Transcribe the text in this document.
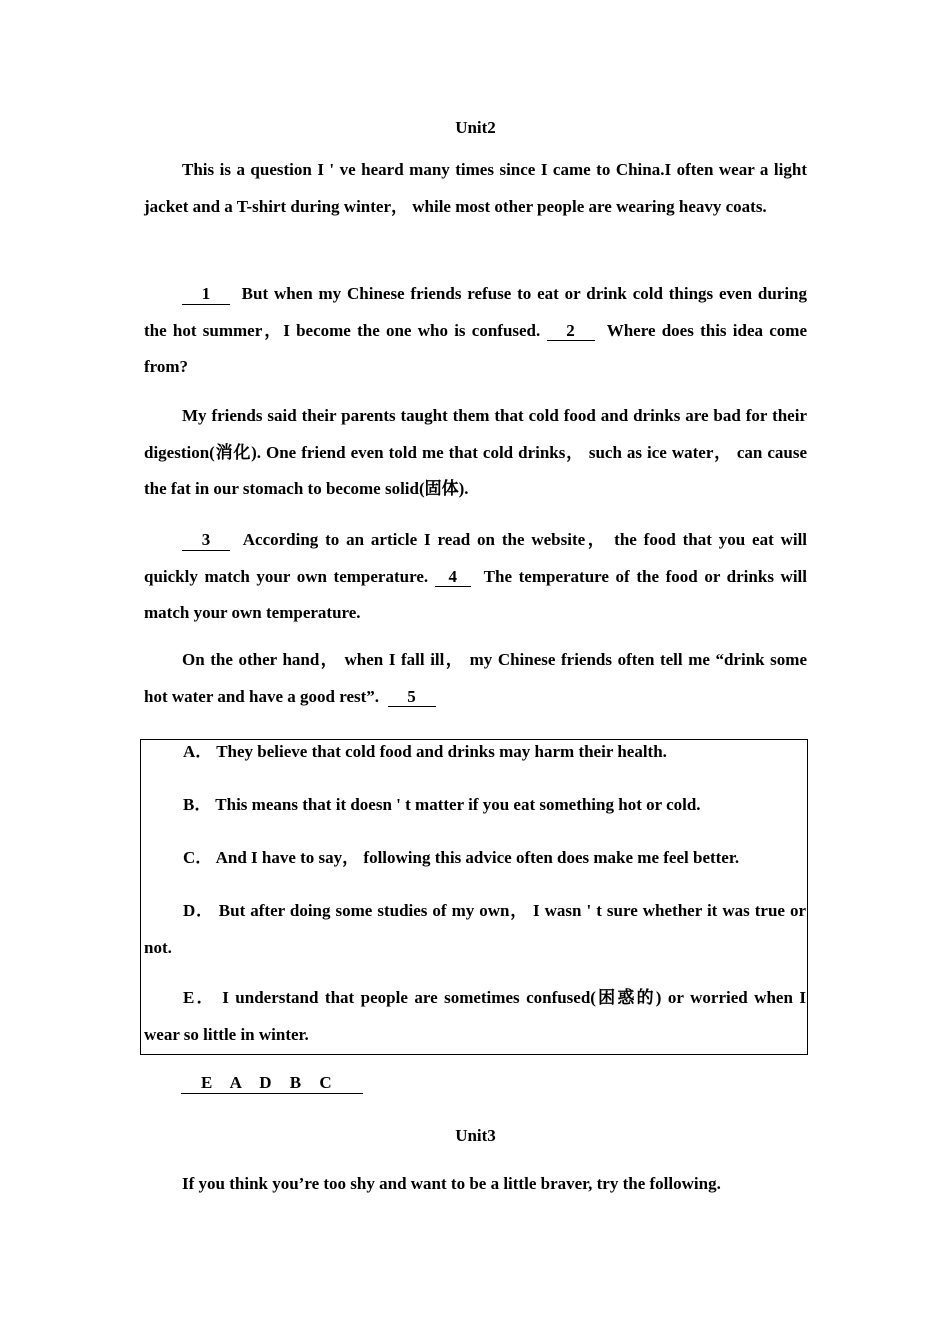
Unit2
This is a question I ' ve heard many times since I came to China.I often wear a light jacket and a T-shirt during winter， while most other people are wearing heavy coats.
1 But when my Chinese friends refuse to eat or drink cold things even during the hot summer，I become the one who is confused. 2 Where does this idea come from?
My friends said their parents taught them that cold food and drinks are bad for their digestion(消化). One friend even told me that cold drinks， such as ice water， can cause the fat in our stomach to become solid(固体).
3 According to an article I read on the website， the food that you eat will quickly match your own temperature. 4 The temperature of the food or drinks will match your own temperature.
On the other hand， when I fall ill， my Chinese friends often tell me “drink some hot water and have a good rest”. 5
A． They believe that cold food and drinks may harm their health.
B． This means that it doesn ' t matter if you eat something hot or cold.
C． And I have to say， following this advice often does make me feel better.
D． But after doing some studies of my own， I wasn ' t sure whether it was true or not.
E． I understand that people are sometimes confused(困惑的) or worried when I wear so little in winter.
E A D B C
Unit3
If you think you’re too shy and want to be a little braver, try the following.
